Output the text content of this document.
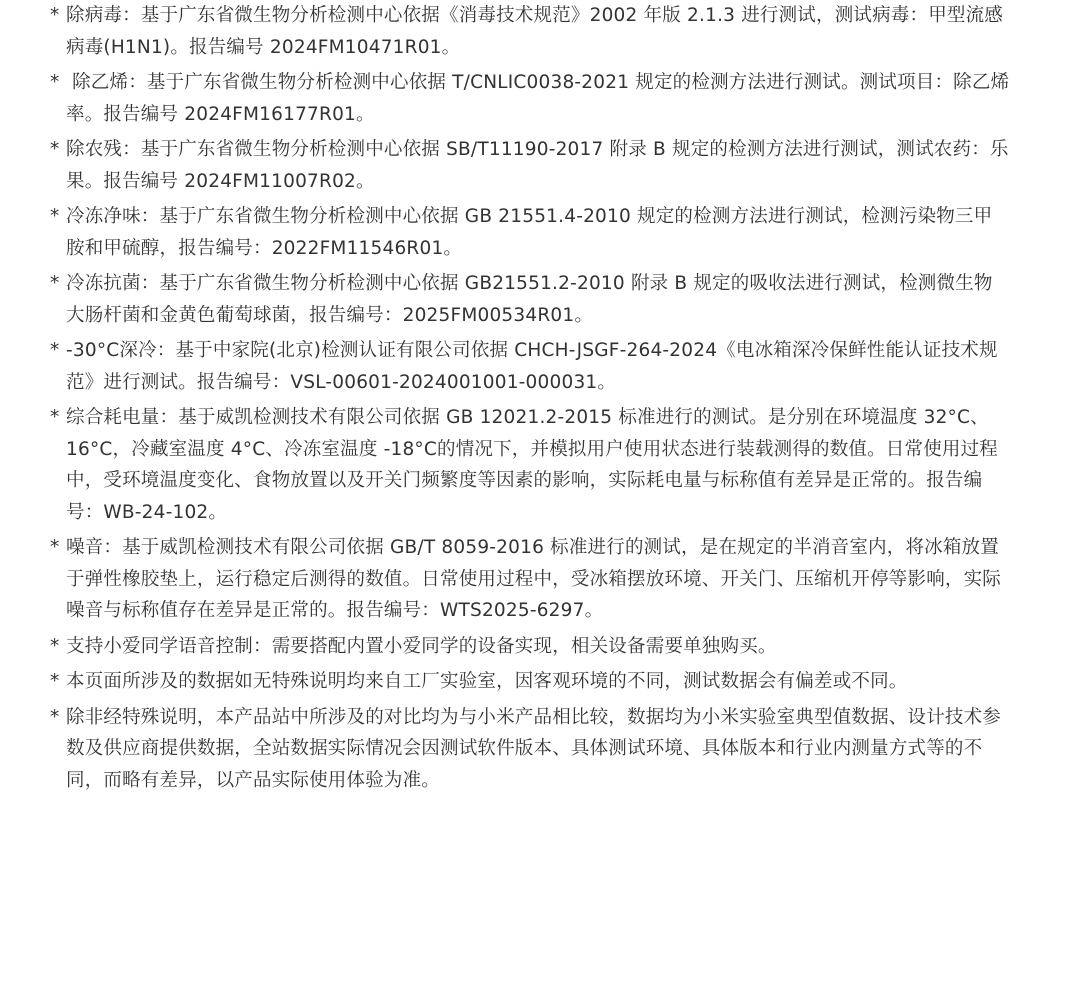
* 除病毒：基于广东省微生物分析检测中心依据《消毒技术规范》2002 年版 2.1.3 进行测试，测试病毒：甲型流感病毒(H1N1)。报告编号 2024FM10471R01。
* 除乙烯：基于广东省微生物分析检测中心依据 T/CNLIC0038-2021 规定的检测方法进行测试。测试项目：除乙烯率。报告编号 2024FM16177R01。
* 除农残：基于广东省微生物分析检测中心依据 SB/T11190-2017 附录 B 规定的检测方法进行测试，测试农药：乐果。报告编号 2024FM11007R02。
* 冷冻净味：基于广东省微生物分析检测中心依据 GB 21551.4-2010 规定的检测方法进行测试，检测污染物三甲胺和甲硫醇，报告编号：2022FM11546R01。
* 冷冻抗菌：基于广东省微生物分析检测中心依据 GB21551.2-2010 附录 B 规定的吸收法进行测试，检测微生物大肠杆菌和金黄色葡萄球菌，报告编号：2025FM00534R01。
* -30°C深冷：基于中家院(北京)检测认证有限公司依据 CHCH-JSGF-264-2024《电冰箱深冷保鲜性能认证技术规范》进行测试。报告编号：VSL-00601-2024001001-000031。
* 综合耗电量：基于威凯检测技术有限公司依据 GB 12021.2-2015 标准进行的测试。是分别在环境温度 32°C、16°C，冷藏室温度 4°C、冷冻室温度 -18°C的情况下，并模拟用户使用状态进行装载测得的数值。日常使用过程中，受环境温度变化、食物放置以及开关门频繁度等因素的影响，实际耗电量与标称值有差异是正常的。报告编号：WB-24-102。
* 噪音：基于威凯检测技术有限公司依据 GB/T 8059-2016 标准进行的测试，是在规定的半消音室内，将冰箱放置于弹性橡胶垫上，运行稳定后测得的数值。日常使用过程中，受冰箱摆放环境、开关门、压缩机开停等影响，实际噪音与标称值存在差异是正常的。报告编号：WTS2025-6297。
* 支持小爱同学语音控制：需要搭配内置小爱同学的设备实现，相关设备需要单独购买。
* 本页面所涉及的数据如无特殊说明均来自工厂实验室，因客观环境的不同，测试数据会有偏差或不同。
* 除非经特殊说明，本产品站中所涉及的对比均为与小米产品相比较，数据均为小米实验室典型值数据、设计技术参数及供应商提供数据，全站数据实际情况会因测试软件版本、具体测试环境、具体版本和行业内测量方式等的不同，而略有差异，以产品实际使用体验为准。
